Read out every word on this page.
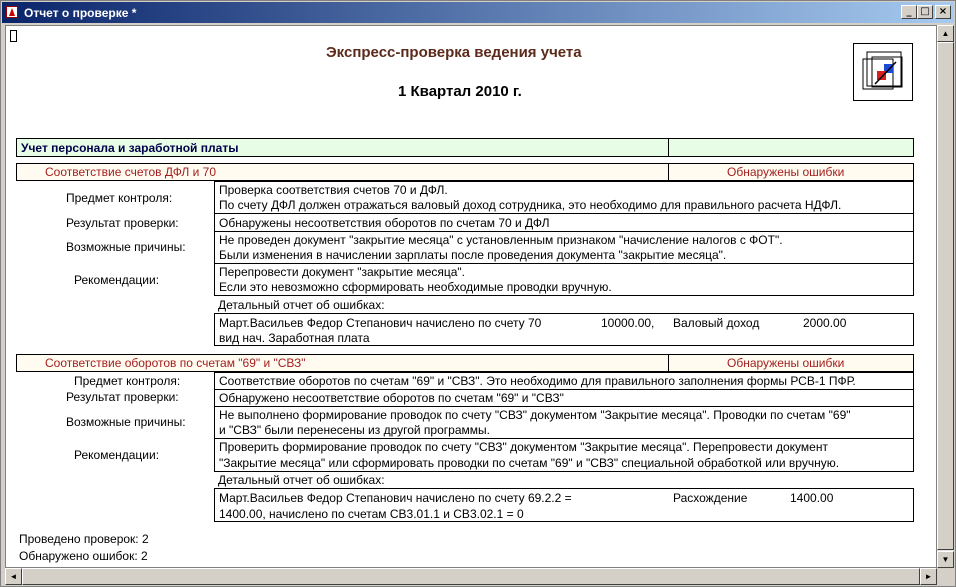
Отчет о проверке *	_ □ ×
Экспресс-проверка ведения учета
1 Квартал 2010 г.
Учет персонала и заработной платы
Соответствие счетов ДФЛ и 70	Обнаружены ошибки
Предмет контроля:
Проверка соответствия счетов 70 и ДФЛ.
По счету ДФЛ должен отражаться валовый доход сотрудника, это необходимо для правильного расчета НДФЛ.
Результат проверки:	Обнаружены несоответствия оборотов по счетам 70 и ДФЛ
Возможные причины:	Не проведен документ "закрытие месяца" с установленным признаком "начисление налогов с ФОТ".
Были изменения в начислении зарплаты после проведения документа "закрытие месяца".
Рекомендации:
Перепровести документ "закрытие месяца".
Если это невозможно сформировать необходимые проводки вручную.
Детальный отчет об ошибках:
Март.Васильев Федор Степанович начислено по счету 70	10000.00, Валовый доход	2000.00
вид нач. Заработная плата
Соответствие оборотов по счетам "69" и "СВЗ"	Обнаружены ошибки
Предмет контроля:	Соответствие оборотов по счетам "69" и "СВЗ". Это необходимо для правильного заполнения формы РСВ-1 ПФР.
Результат проверки:	Обнаружено несоответствие оборотов по счетам "69" и "СВЗ"
Возможные причины:	Не выполнено формирование проводок по счету "СВЗ" документом "Закрытие месяца". Проводки по счетам "69"
и "СВЗ" были перенесены из другой программы.
Рекомендации:
Проверить формирование проводок по счету "СВЗ" документом "Закрытие месяца". Перепровести документ
"Закрытие месяца" или сформировать проводки по счетам "69" и "СВЗ" специальной обработкой или вручную.
Детальный отчет об ошибках:
Март.Васильев Федор Степанович начислено по счету 69.2.2 =	Расхождение	1400.00
1400.00, начислено по счетам СВ3.01.1 и СВ3.02.1 = 0
Проведено проверок: 2
Обнаружено ошибок: 2
▲
▼
◄	►
